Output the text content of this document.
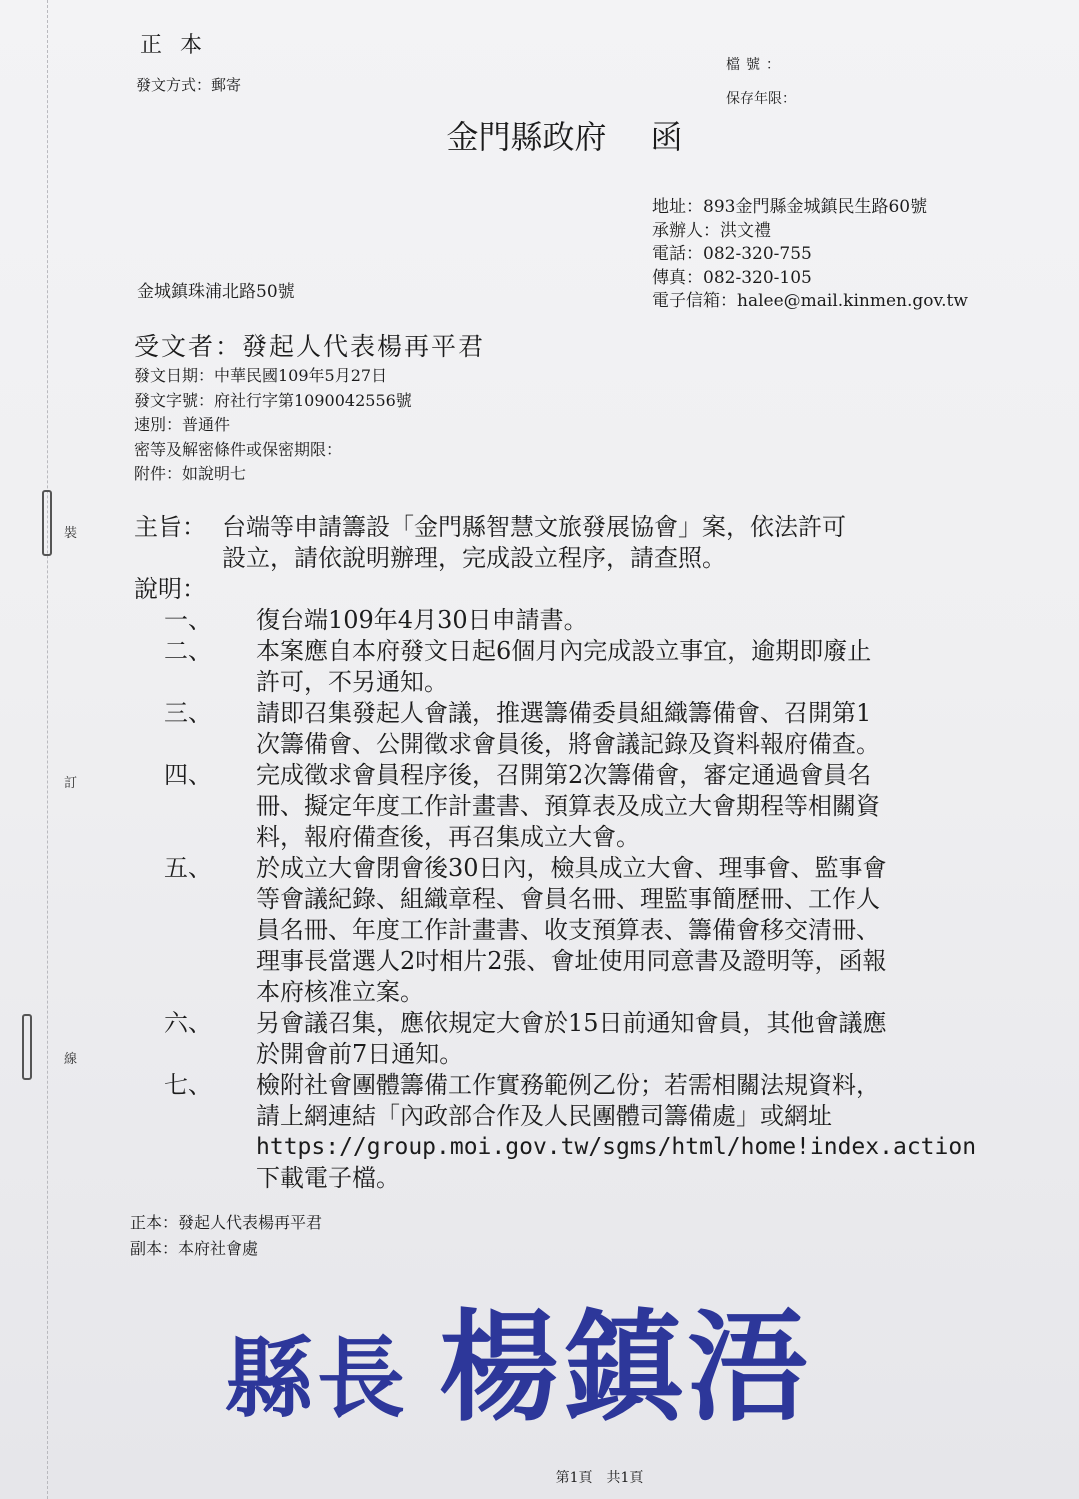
裝
訂
線
正本
發文方式：郵寄
檔號：
保存年限：
金門縣政府 函
地址：893金門縣金城鎮民生路60號
承辦人：洪文禮
電話：082-320-755
傳真：082-320-105
電子信箱：halee@mail.kinmen.gov.tw
金城鎮珠浦北路50號
受文者：發起人代表楊再平君
發文日期：中華民國109年5月27日
發文字號：府社行字第1090042556號
速別：普通件
密等及解密條件或保密期限：
附件：如說明七
主旨： 台端等申請籌設「金門縣智慧文旅發展協會」案，依法許可
設立，請依說明辦理，完成設立程序，請查照。
說明：
一、	復台端109年4月30日申請書。
二、	本案應自本府發文日起6個月內完成設立事宜，逾期即廢止
許可，不另通知。
三、	請即召集發起人會議，推選籌備委員組織籌備會、召開第1
次籌備會、公開徵求會員後，將會議記錄及資料報府備查。
四、	完成徵求會員程序後，召開第2次籌備會，審定通過會員名
冊、擬定年度工作計畫書、預算表及成立大會期程等相關資
料，報府備查後，再召集成立大會。
五、	於成立大會閉會後30日內，檢具成立大會、理事會、監事會
等會議紀錄、組織章程、會員名冊、理監事簡歷冊、工作人
員名冊、年度工作計畫書、收支預算表、籌備會移交清冊、
理事長當選人2吋相片2張、會址使用同意書及證明等，函報
本府核准立案。
六、	另會議召集，應依規定大會於15日前通知會員，其他會議應
於開會前7日通知。
七、	檢附社會團體籌備工作實務範例乙份；若需相關法規資料，
請上網連結「內政部合作及人民團體司籌備處」或網址
https://group.moi.gov.tw/sgms/html/home!index.action
下載電子檔。
正本：發起人代表楊再平君
副本：本府社會處
縣長 楊鎮浯
第1頁　共1頁
